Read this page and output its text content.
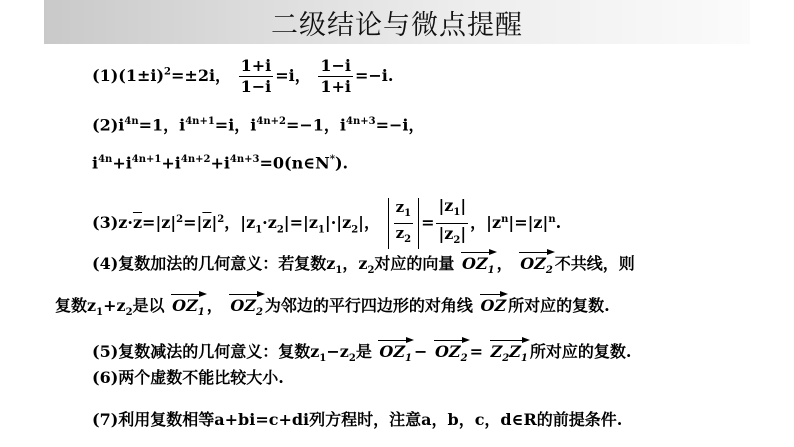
二级结论与微点提醒
$(1)(1\pm i)^2=\pm 2i$， $\frac{1+i}{1-i} =i$， $\frac{1-i}{1+i} =-i$.
$(2)i^{4n}=1$，$i^{4n+1}=i$，$i^{4n+2}=-1$，$i^{4n+3}=-i$，
$i^{4n}+i^{4n+1}+i^{4n+2}+i^{4n+3}=0(n\in N^*)$.
$(3)z\cdot\overline{z}=|z|^2=|\overline{z}|^2$，$|z_1\cdot z_2|=|z_1|\cdot|z_2|$， $\frac{z_1}{z_2} = \frac{|z_1|}{|z_2|}$ ，$|z^n|=|z|^n$.
(4)复数加法的几何意义：若复数$z_1$，$z_2$对应的向量 $OZ_1$ ， $OZ_2$ 不共线，则
复数$z_1+z_2$是以 $OZ_1$ ， $OZ_2$ 为邻边的平行四边形的对角线 OZ 所对应的复数.
(5)复数减法的几何意义：复数$z_1-z_2$是 $OZ_1 - OZ_2 = Z_2Z_1$ 所对应的复数.
(6)两个虚数不能比较大小.
(7)利用复数相等a+bi=c+di列方程时，注意a，b，c，d∈R的前提条件.
